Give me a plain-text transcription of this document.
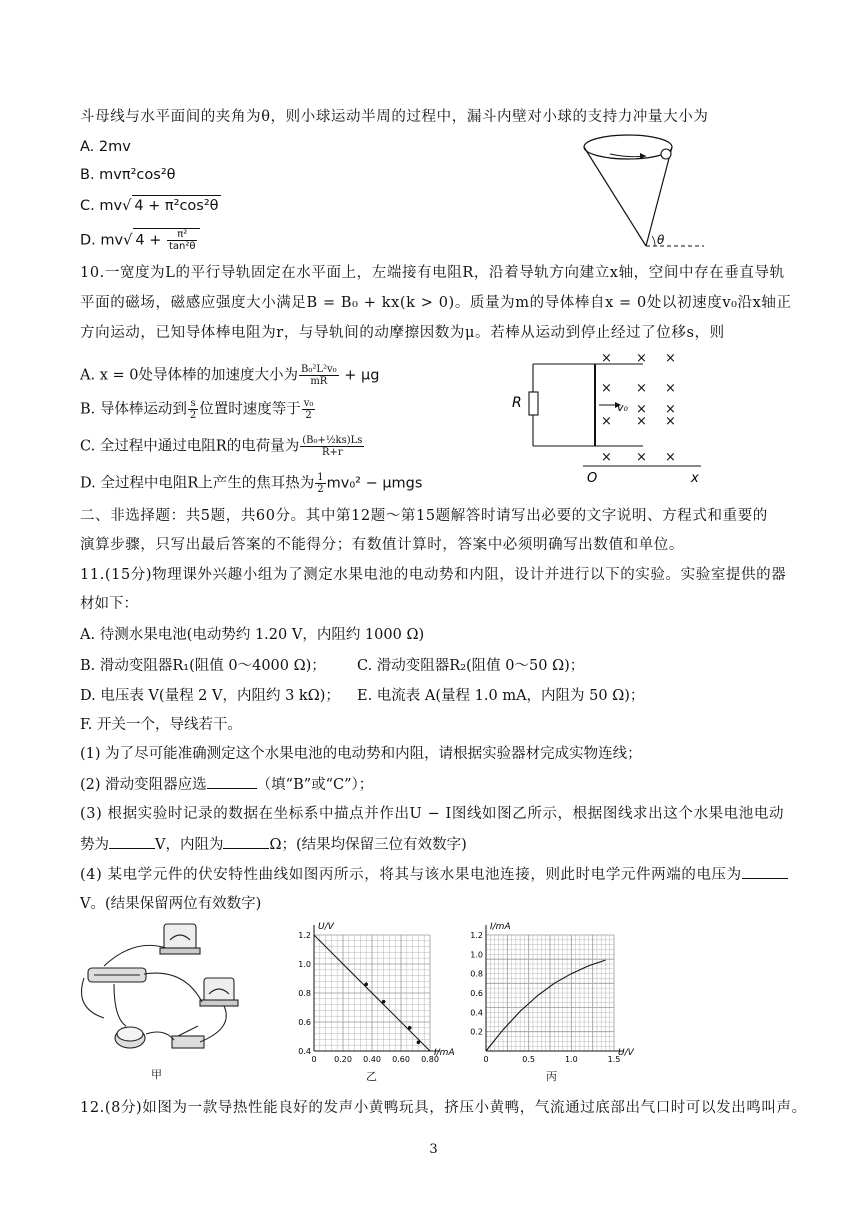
斗母线与水平面间的夹角为θ，则小球运动半周的过程中，漏斗内壁对小球的支持力冲量大小为
A. 2mv
B. mvπ²cos²θ
C. mv√ 4 + π²cos²θ
D. mv√ $4 + \frac{\text{π²}}{\text{tan²θ}}$	θ
10.一宽度为L的平行导轨固定在水平面上，左端接有电阻R，沿着导轨方向建立x轴，空间中存在垂直导轨
平面的磁场，磁感应强度大小满足B = B₀ + kx(k > 0)。质量为m的导体棒自x = 0处以初速度v₀沿x轴正
方向运动，已知导体棒电阻为r，与导轨间的动摩擦因数为μ。若棒从运动到停止经过了位移s，则
A. x = 0处导体棒的加速度大小为 $\frac{\text{B₀²L²v₀}}{mR} + \mu g$
B. 导体棒运动到 $\frac{s}{2}$ 位置时速度等于 $\frac{\text{v₀}}{2}$
C. 全过程中通过电阻R的电荷量为 $\frac{\text{(B₀+½ks)Ls}}{R+r}$
D. 全过程中电阻R上产生的焦耳热为 $\frac{1}{2} mv_0^2 - \mu mgs$
R	v₀
× × ×
× × ×
× ×
× × ×
× × ×
O	x
二、非选择题：共5题，共60分。其中第12题～第15题解答时请写出必要的文字说明、方程式和重要的
演算步骤，只写出最后答案的不能得分；有数值计算时，答案中必须明确写出数值和单位。
11.(15分)物理课外兴趣小组为了测定水果电池的电动势和内阻，设计并进行以下的实验。实验室提供的器
材如下：
A. 待测水果电池(电动势约 1.20 V，内阻约 1000 Ω)
B. 滑动变阻器R₁(阻值 0～4000 Ω)； C. 滑动变阻器R₂(阻值 0～50 Ω)；
D. 电压表 V(量程 2 V，内阻约 3 kΩ)； E. 电流表 A(量程 1.0 mA，内阻为 50 Ω)；
F. 开关一个，导线若干。
(1) 为了尽可能准确测定这个水果电池的电动势和内阻，请根据实验器材完成实物连线；
(2) 滑动变阻器应选	（填“B”或“C”）；
(3) 根据实验时记录的数据在坐标系中描点并作出U − I图线如图乙所示，根据图线求出这个水果电池电动
势为	V，内阻为	Ω；(结果均保留三位有效数字)
(4) 某电学元件的伏安特性曲线如图丙所示，将其与该水果电池连接，则此时电学元件两端的电压为
V。(结果保留两位有效数字)
甲
U/V
I/mA
1.2
1.0
0.8
0.6
0.4
0 0.20 0.40 0.60 0.80
乙
I/mA
U/V
1.2
1.0
0.8
0.6
0.4
0.2
0	0.5	1.0	1.5
丙
12.(8分)如图为一款导热性能良好的发声小黄鸭玩具，挤压小黄鸭，气流通过底部出气口时可以发出鸣叫声。
3
